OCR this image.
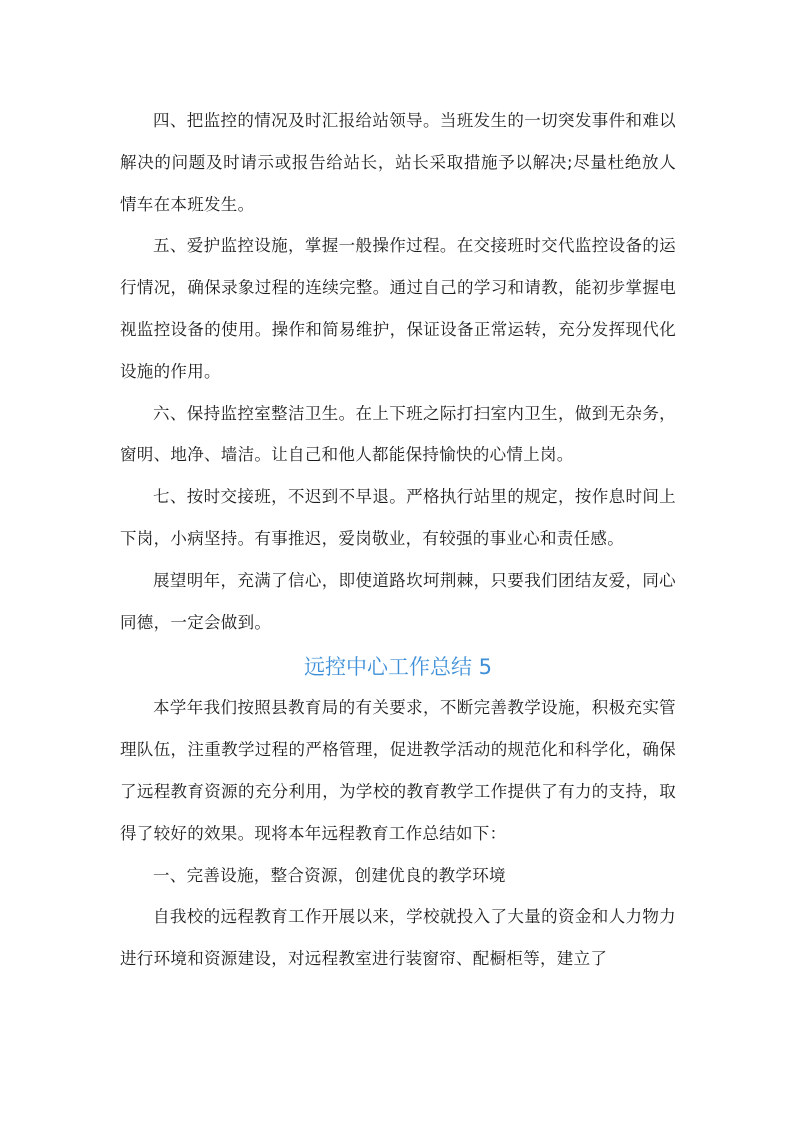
四、把监控的情况及时汇报给站领导。当班发生的一切突发事件和难以解决的问题及时请示或报告给站长，站长采取措施予以解决;尽量杜绝放人情车在本班发生。

五、爱护监控设施，掌握一般操作过程。在交接班时交代监控设备的运行情况，确保录象过程的连续完整。通过自己的学习和请教，能初步掌握电视监控设备的使用。操作和简易维护，保证设备正常运转，充分发挥现代化设施的作用。

六、保持监控室整洁卫生。在上下班之际打扫室内卫生，做到无杂务，窗明、地净、墙洁。让自己和他人都能保持愉快的心情上岗。

七、按时交接班，不迟到不早退。严格执行站里的规定，按作息时间上下岗，小病坚持。有事推迟，爱岗敬业，有较强的事业心和责任感。

展望明年，充满了信心，即使道路坎坷荆棘，只要我们团结友爱，同心同德，一定会做到。

远控中心工作总结 5

本学年我们按照县教育局的有关要求，不断完善教学设施，积极充实管理队伍，注重教学过程的严格管理，促进教学活动的规范化和科学化，确保了远程教育资源的充分利用，为学校的教育教学工作提供了有力的支持，取得了较好的效果。现将本年远程教育工作总结如下：

一、完善设施，整合资源，创建优良的教学环境

自我校的远程教育工作开展以来，学校就投入了大量的资金和人力物力进行环境和资源建设，对远程教室进行装窗帘、配橱柜等，建立了
